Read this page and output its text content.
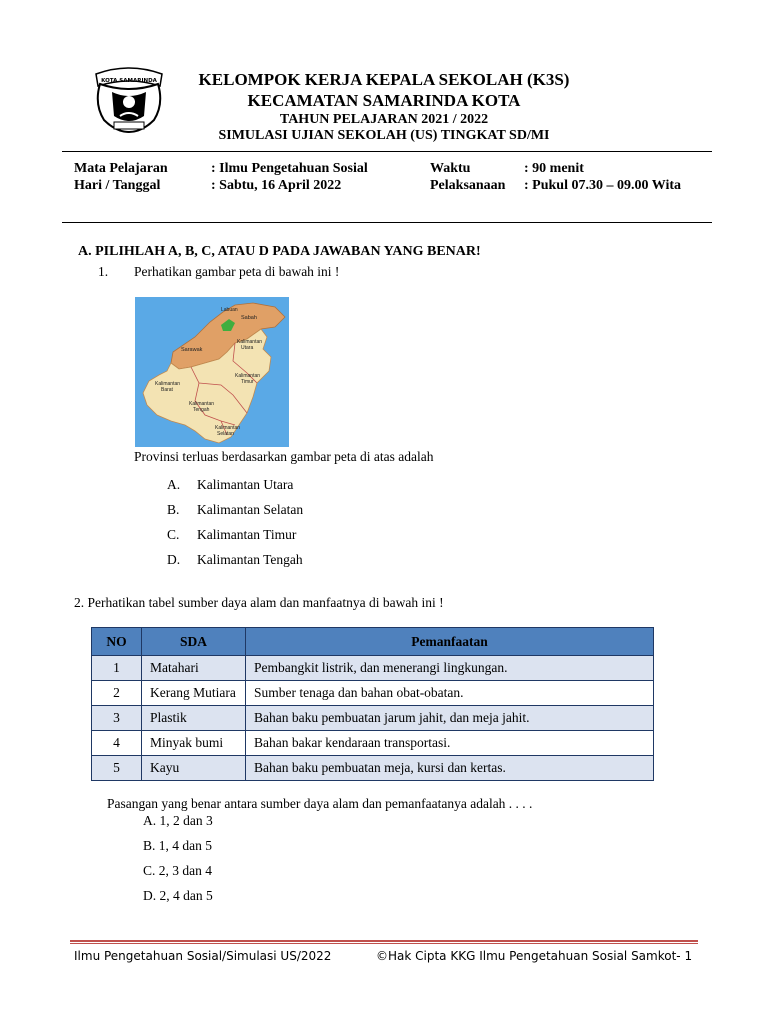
KOTA SAMARINDA	KELOMPOK KERJA KEPALA SEKOLAH (K3S)
KECAMATAN SAMARINDA KOTA
TAHUN PELAJARAN 2021 / 2022
SIMULASI UJIAN SEKOLAH (US) TINGKAT SD/MI
Mata Pelajaran	: Ilmu Pengetahuan Sosial
Hari / Tanggal	: Sabtu, 16 April 2022
Waktu	: 90 menit
Pelaksanaan : Pukul 07.30 – 09.00 Wita
A. PILIHLAH A, B, C, ATAU D PADA JAWABAN YANG BENAR!
1. Perhatikan gambar peta di bawah ini !
Labuan
Sabah
Sarawak
Kalimantan
Utara
Kalimantan
Timur
Kalimantan
Barat
Kalimantan
Tengah
Kalimantan
Selatan
Provinsi terluas berdasarkan gambar peta di atas adalah
A. Kalimantan Utara
B. Kalimantan Selatan
C. Kalimantan Timur
D. Kalimantan Tengah
2. Perhatikan tabel sumber daya alam dan manfaatnya di bawah ini !
NO	SDA	Pemanfaatan
1	Matahari	Pembangkit listrik, dan menerangi lingkungan.
2	Kerang Mutiara	Sumber tenaga dan bahan obat-obatan.
3	Plastik	Bahan baku pembuatan jarum jahit, dan meja jahit.
4	Minyak bumi	Bahan bakar kendaraan transportasi.
5	Kayu	Bahan baku pembuatan meja, kursi dan kertas.
Pasangan yang benar antara sumber daya alam dan pemanfaatanya adalah . . . .
A. 1, 2 dan 3
B. 1, 4 dan 5
C. 2, 3 dan 4
D. 2, 4 dan 5
Ilmu Pengetahuan Sosial/Simulasi US/2022	©Hak Cipta KKG Ilmu Pengetahuan Sosial Samkot- 1
